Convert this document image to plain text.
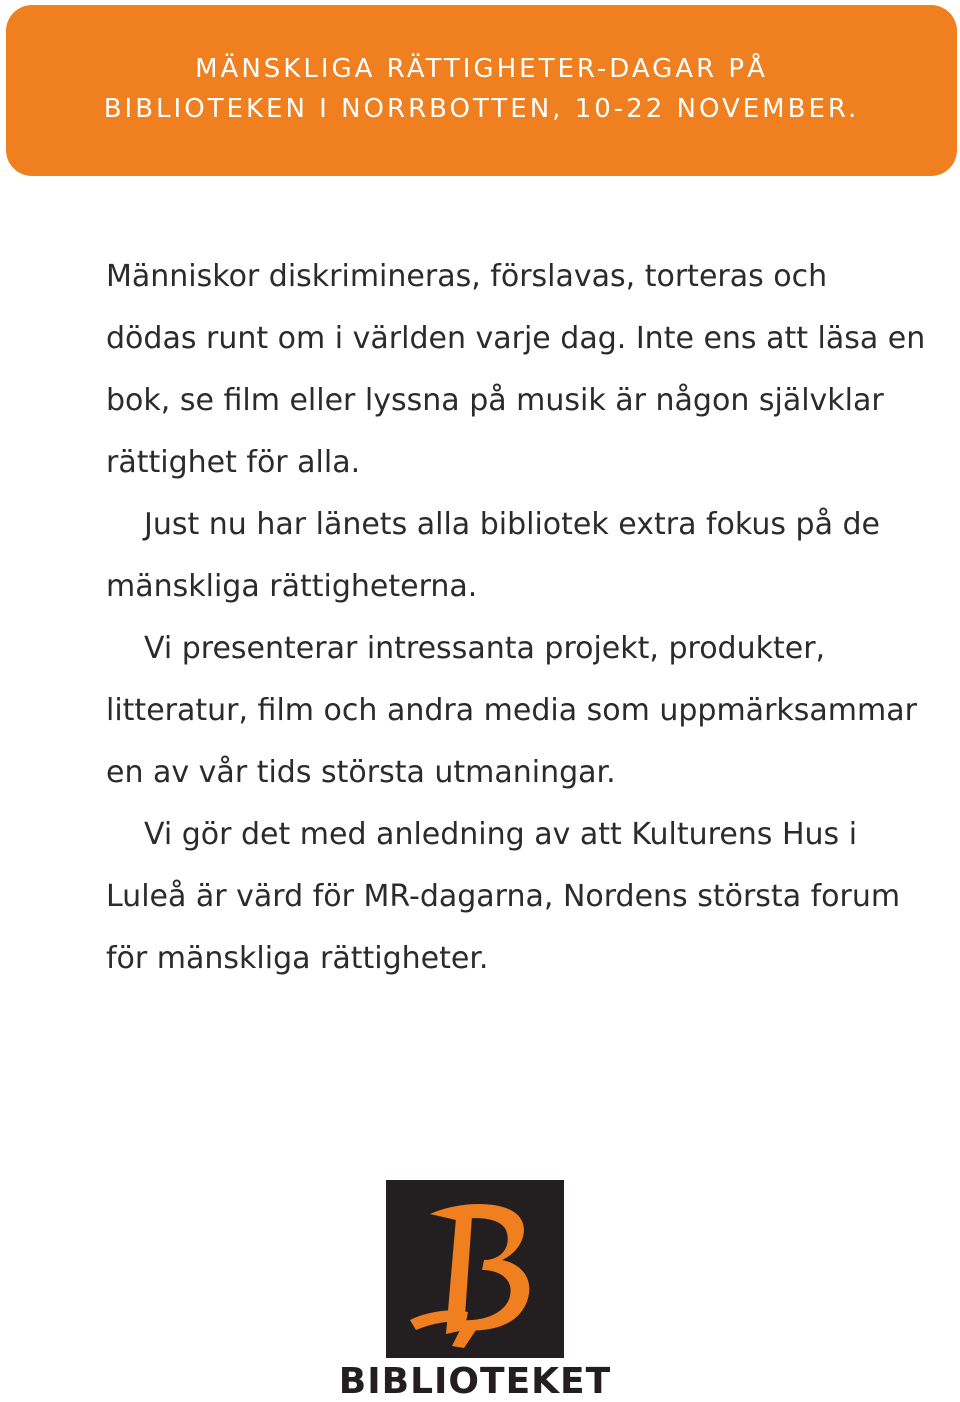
MÄNSKLIGA RÄTTIGHETER-DAGAR PÅ
BIBLIOTEKEN I NORRBOTTEN, 10-22 NOVEMBER.

Människor diskrimineras, förslavas, torteras och dödas runt om i världen varje dag. Inte ens att läsa en bok, se film eller lyssna på musik är någon självklar rättighet för alla.

Just nu har länets alla bibliotek extra fokus på de mänskliga rättigheterna.

Vi presenterar intressanta projekt, produkter, litteratur, film och andra media som uppmärksammar en av vår tids största utmaningar.

Vi gör det med anledning av att Kulturens Hus i Luleå är värd för MR-dagarna, Nordens största forum för mänskliga rättigheter.

BIBLIOTEKET
